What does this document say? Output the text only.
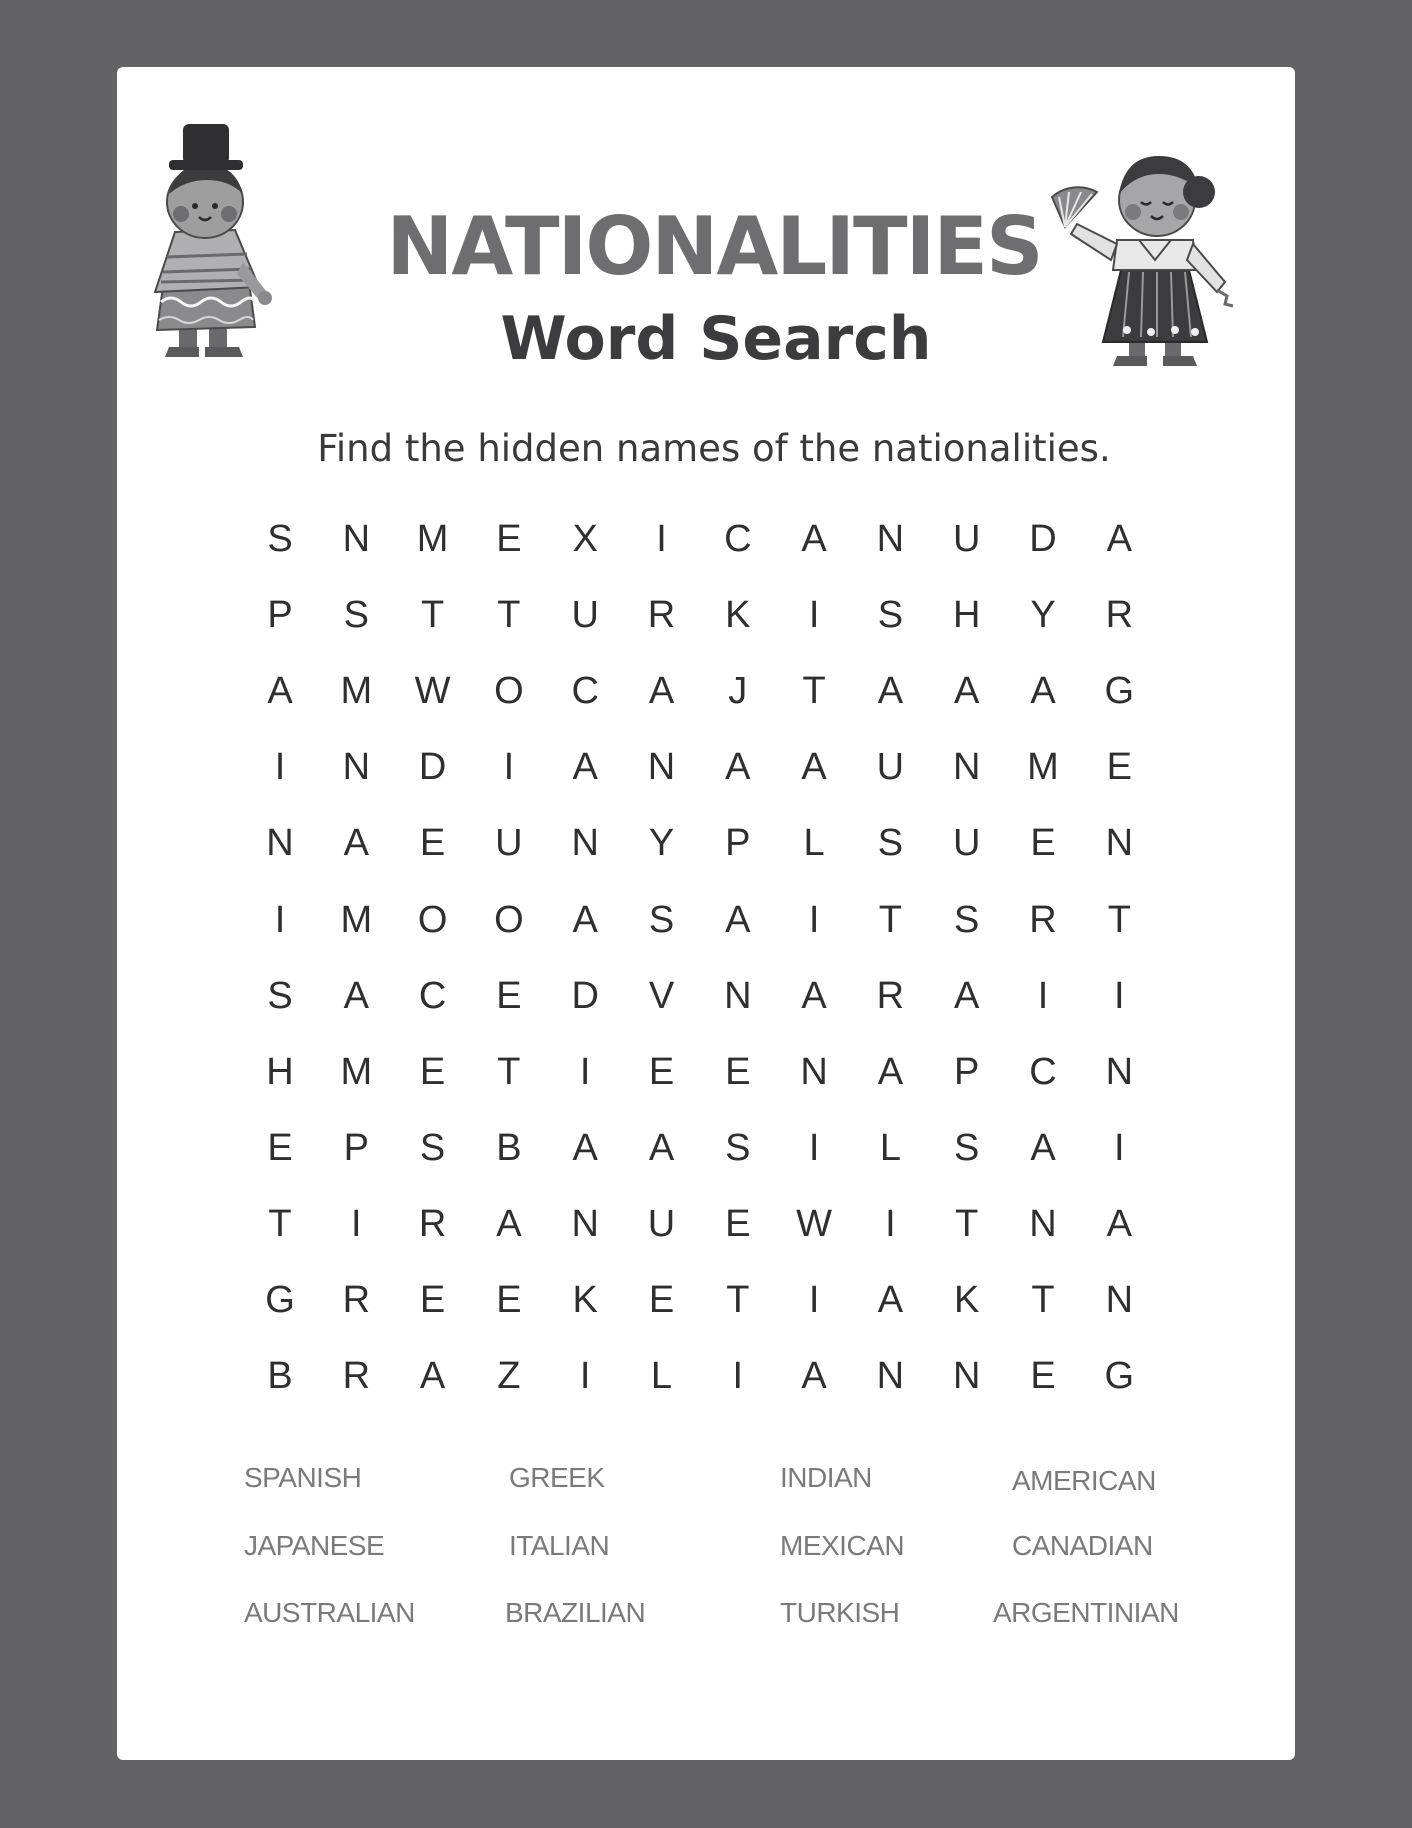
NATIONALITIES
Word Search
Find the hidden names of the nationalities.
S	N	M	E	X	I	C	A	N	U	D	A
P	S	T	T	U	R	K	I	S	H	Y	R
A	M	W	O	C	A	J	T	A	A	A	G
I	N	D	I	A	N	A	A	U	N	M	E
N	A	E	U	N	Y	P	L	S	U	E	N
I	M	O	O	A	S	A	I	T	S	R	T
S	A	C	E	D	V	N	A	R	A	I	I
H	M	E	T	I	E	E	N	A	P	C	N
E	P	S	B	A	A	S	I	L	S	A	I
T	I	R	A	N	U	E	W	I	T	N	A
G	R	E	E	K	E	T	I	A	K	T	N
B	R	A	Z	I	L	I	A	N	N	E	G
SPANISH	GREEK	INDIAN	AMERICAN
JAPANESE	ITALIAN	MEXICAN	CANADIAN
AUSTRALIAN	BRAZILIAN	TURKISH	ARGENTINIAN
